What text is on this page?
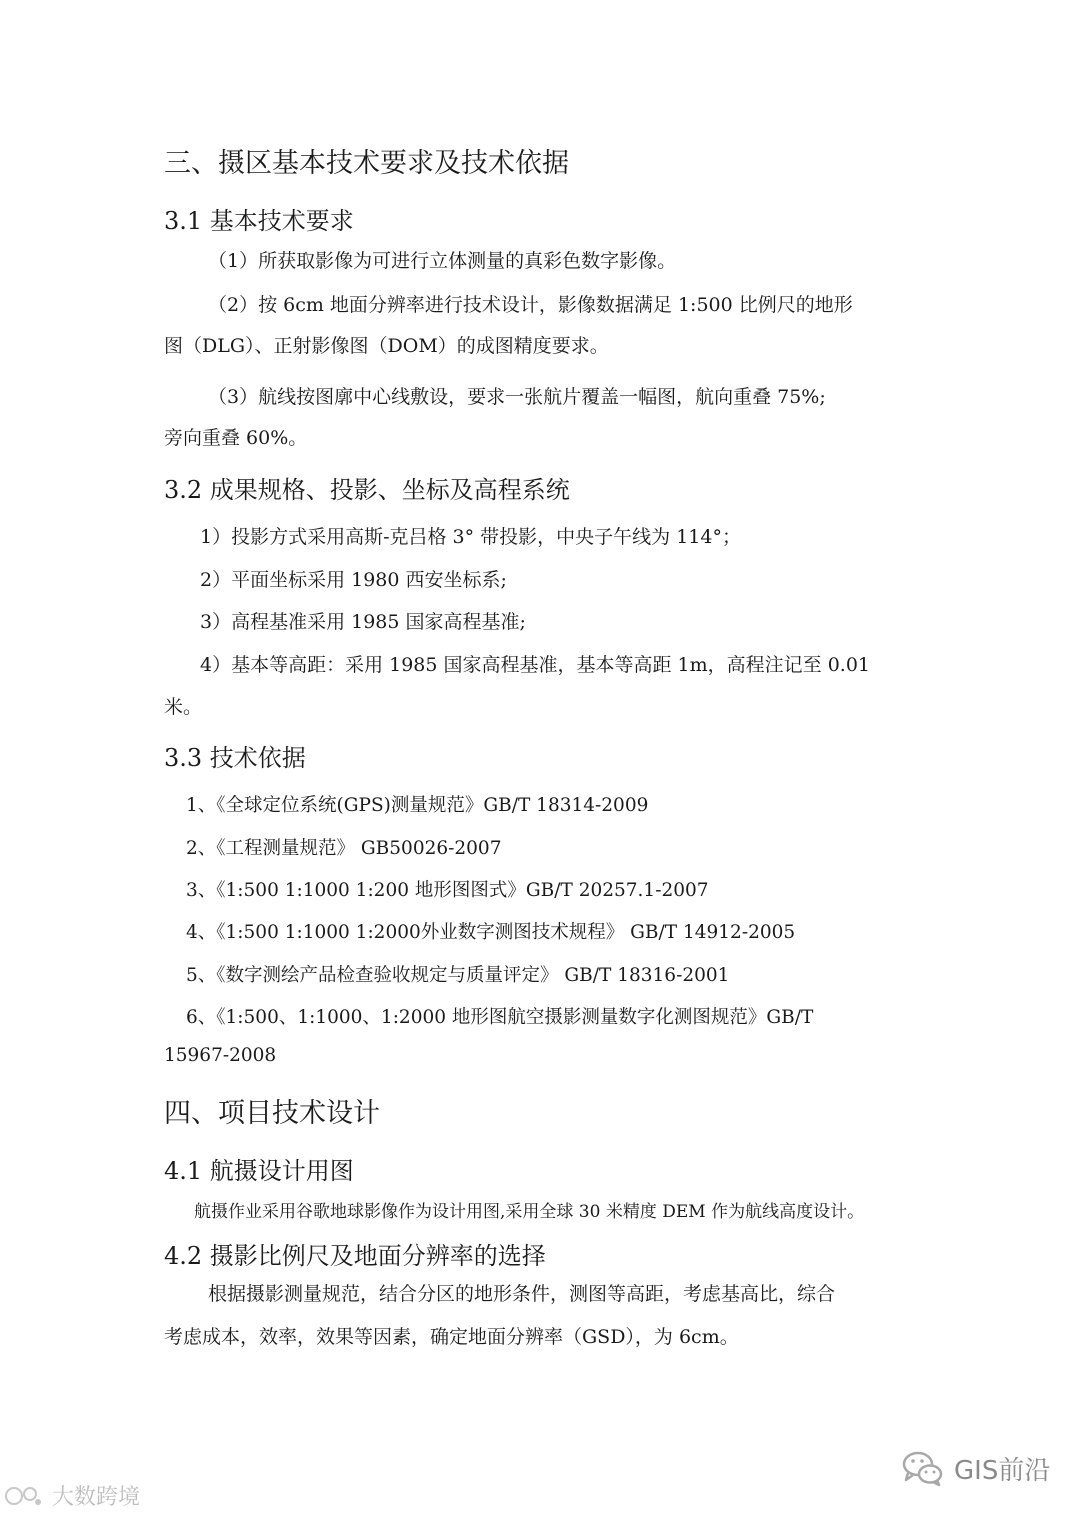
三、摄区基本技术要求及技术依据
3.1 基本技术要求
（1）所获取影像为可进行立体测量的真彩色数字影像。
（2）按 6cm 地面分辨率进行技术设计，影像数据满足 1:500 比例尺的地形
图（DLG）、正射影像图（DOM）的成图精度要求。
（3）航线按图廓中心线敷设，要求一张航片覆盖一幅图，航向重叠 75%;
旁向重叠 60%。
3.2 成果规格、投影、坐标及高程系统
1）投影方式采用高斯-克吕格 3° 带投影，中央子午线为 114°；
2）平面坐标采用 1980 西安坐标系;
3）高程基准采用 1985 国家高程基准;
4）基本等高距：采用 1985 国家高程基准，基本等高距 1m，高程注记至 0.01
米。
3.3 技术依据
1、《全球定位系统(GPS)测量规范》GB/T 18314-2009
2、《工程测量规范》 GB50026-2007
3、《1:500 1:1000 1:200 地形图图式》GB/T 20257.1-2007
4、《1:500 1:1000 1:2000外业数字测图技术规程》 GB/T 14912-2005
5、《数字测绘产品检查验收规定与质量评定》 GB/T 18316-2001
6、《1:500、1:1000、1:2000 地形图航空摄影测量数字化测图规范》GB/T
15967-2008
四、项目技术设计
4.1 航摄设计用图
航摄作业采用谷歌地球影像作为设计用图,采用全球 30 米精度 DEM 作为航线高度设计。
4.2 摄影比例尺及地面分辨率的选择
根据摄影测量规范，结合分区的地形条件，测图等高距，考虑基高比，综合
考虑成本，效率，效果等因素，确定地面分辨率（GSD），为 6cm。
大数跨境
GIS前沿
